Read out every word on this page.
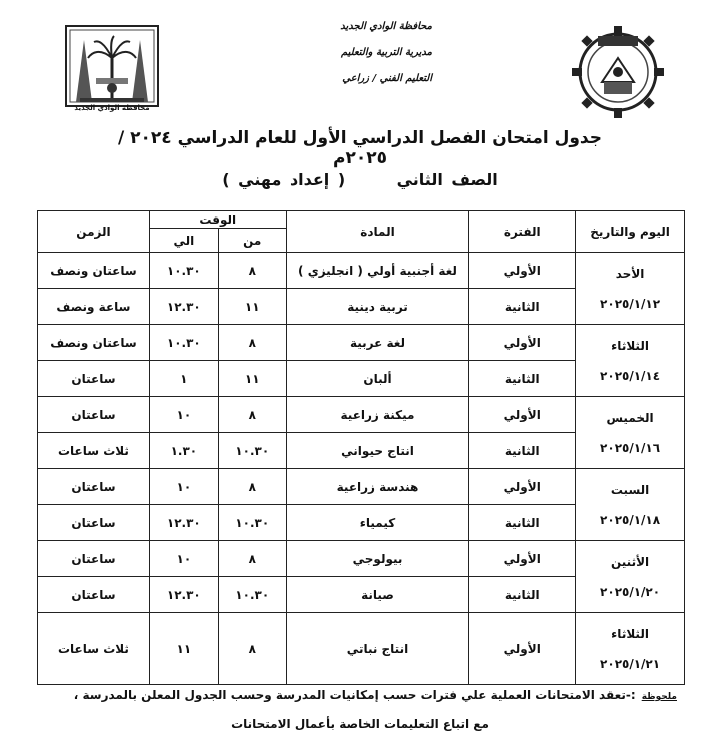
محافظة الوادي الجديد
محافظة الوادي الجديد
مديرية التربية والتعليم
التعليم الفني / زراعي
جدول امتحان الفصل الدراسي الأول للعام الدراسي ٢٠٢٤ / ٢٠٢٥م
الصف الثاني      ( إعداد مهني )
اليوم والتاريخ	الفترة	المادة	الوقت		الزمن
			من	الي	

الأحد
٢٠٢٥/١/١٢	الأولي	لغة أجنبية أولي ( انجليزي )	٨	١٠.٣٠	ساعتان ونصف
	الثانية	تربية دينية	١١	١٢.٣٠	ساعة ونصف

الثلاثاء
٢٠٢٥/١/١٤	الأولي	لغة عربية	٨	١٠.٣٠	ساعتان ونصف
	الثانية	ألبان	١١	١	ساعتان

الخميس
٢٠٢٥/١/١٦	الأولي	ميكنة زراعية	٨	١٠	ساعتان
	الثانية	انتاج حيواني	١٠.٣٠	١.٣٠	ثلاث ساعات

السبت
٢٠٢٥/١/١٨	الأولي	هندسة زراعية	٨	١٠	ساعتان
	الثانية	كيمياء	١٠.٣٠	١٢.٣٠	ساعتان

الأثنين
٢٠٢٥/١/٢٠	الأولي	بيولوجي	٨	١٠	ساعتان
	الثانية	صيانة	١٠.٣٠	١٢.٣٠	ساعتان

الثلاثاء
٢٠٢٥/١/٢١	الأولي	انتاج نباتي	٨	١١	ثلاث ساعات
ملحوظة:-تعقد الامتحانات العملية علي فترات حسب إمكانيات المدرسة وحسب الجدول المعلن بالمدرسة ،
مع اتباع التعليمات الخاصة بأعمال الامتحانات
